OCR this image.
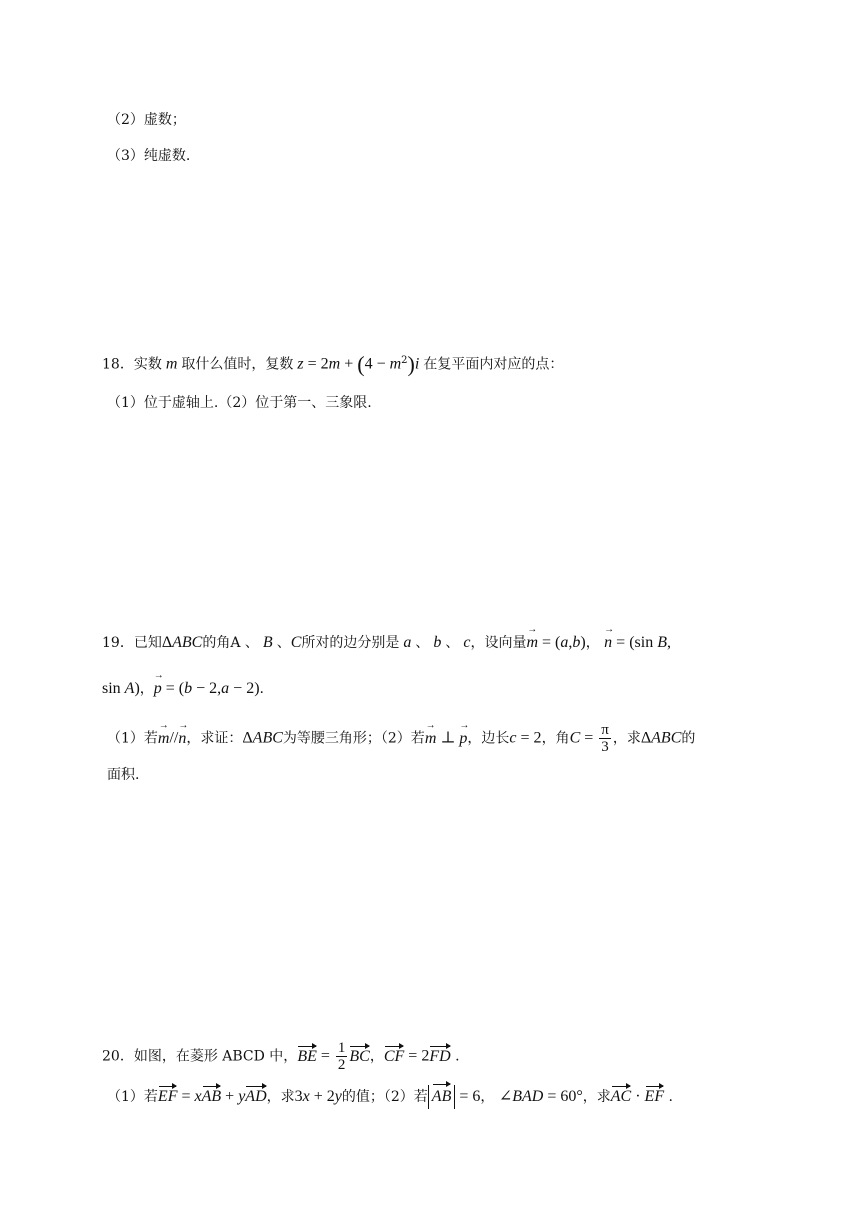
（2）虚数；
（3）纯虚数.
18．实数 m 取什么值时，复数 $z = 2m + (4 - m^2)i$ 在复平面内对应的点：
（1）位于虚轴上.（2）位于第一、三象限.
19．已知ΔABC的角A 、 B 、C所对的边分别是 a 、 b 、 c，设向量m → = (a,b)， n → = (sin B,
sin A)，p → = (b − 2,a − 2).
（1）若m →//n →，求证：ΔABC为等腰三角形；（2）若m → ⊥ p →，边长c = 2，角$C = \frac{\pi}{3}$ ，求ΔABC的
面积.
20．如图，在菱形 ABCD 中，BE = $\frac{1}{2}$ BC，CF = 2FD .
（1）若EF = xAB + yAD，求3x + 2y的值；（2）若 AB = 6， ∠BAD = 60°，求AC · EF .
